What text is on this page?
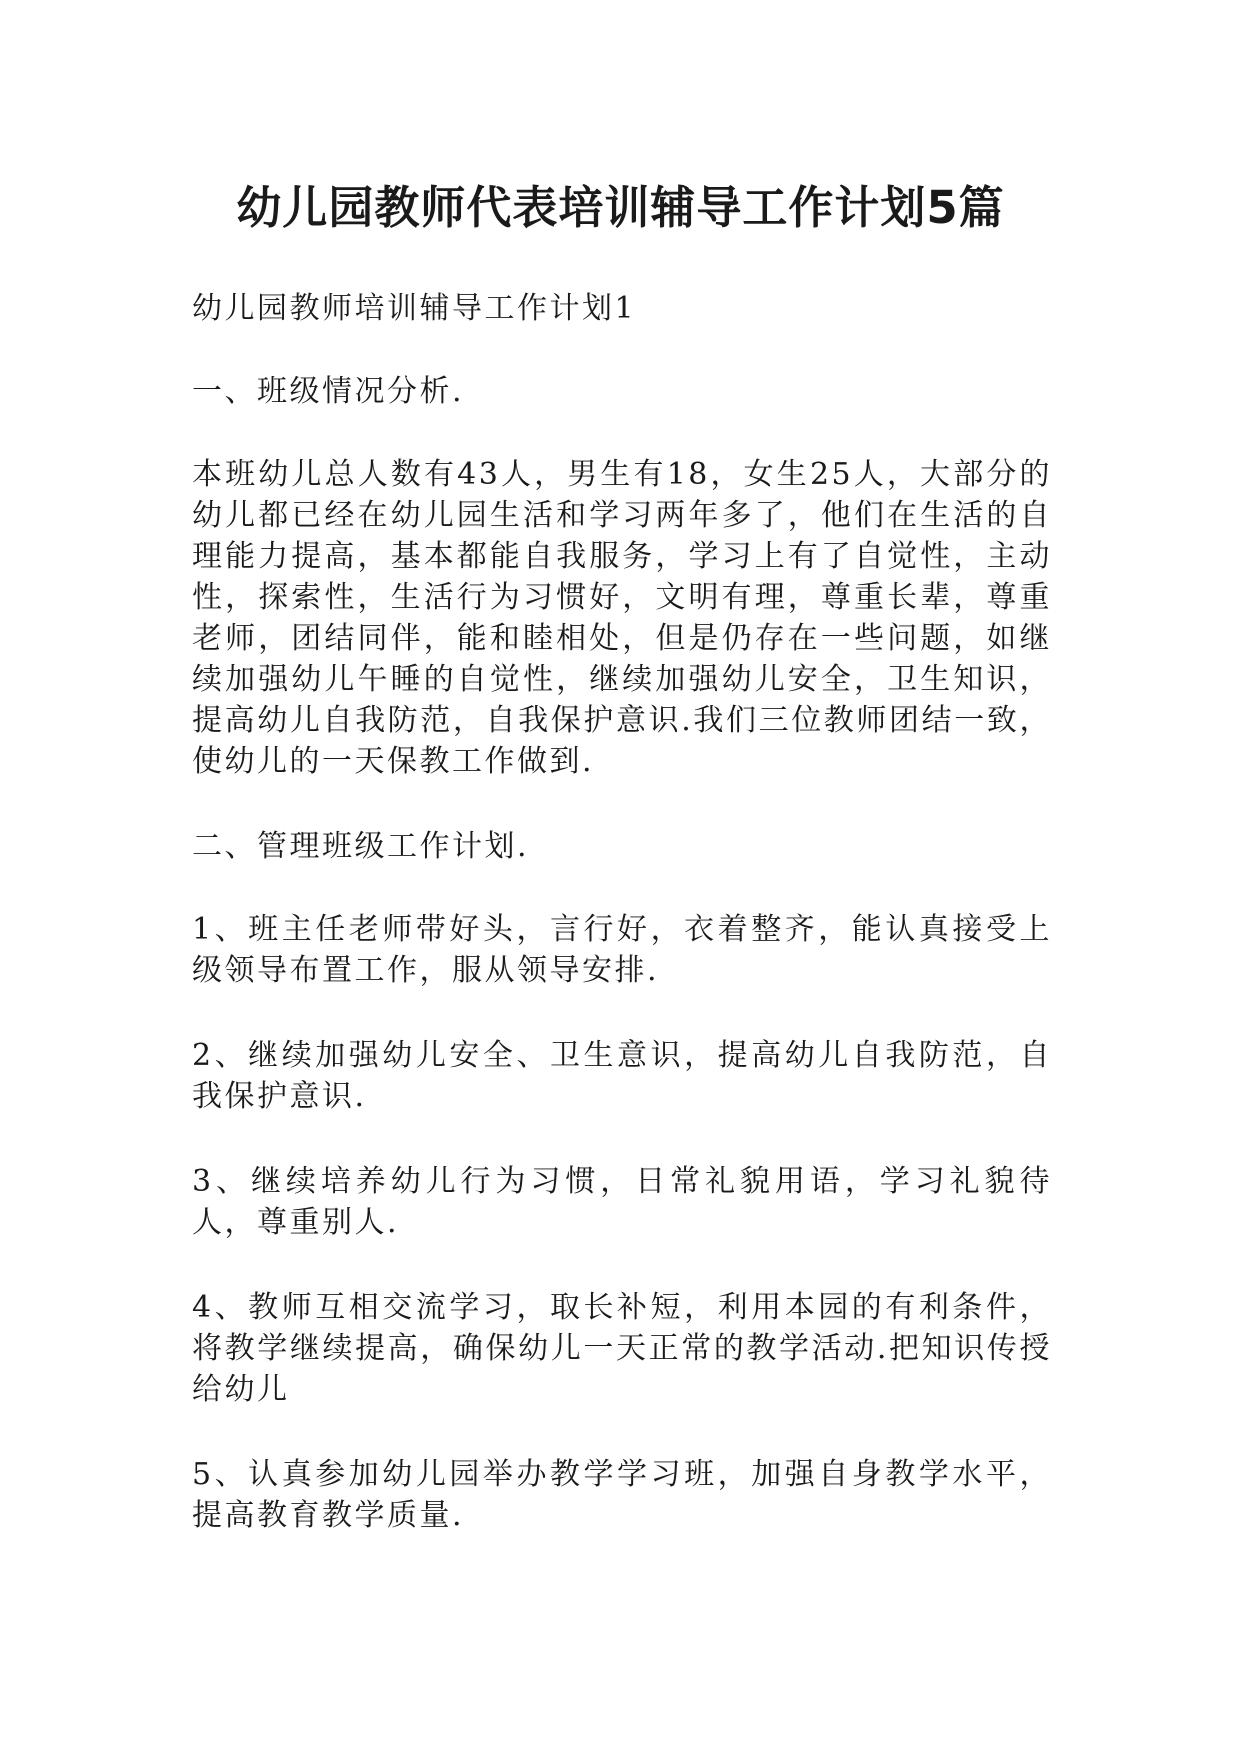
幼儿园教师代表培训辅导工作计划5篇

幼儿园教师培训辅导工作计划1

一、班级情况分析.

本班幼儿总人数有43人，男生有18，女生25人，大部分的幼儿都已经在幼儿园生活和学习两年多了，他们在生活的自理能力提高，基本都能自我服务，学习上有了自觉性，主动性，探索性，生活行为习惯好，文明有理，尊重长辈，尊重老师，团结同伴，能和睦相处，但是仍存在一些问题，如继续加强幼儿午睡的自觉性，继续加强幼儿安全，卫生知识，提高幼儿自我防范，自我保护意识.我们三位教师团结一致，使幼儿的一天保教工作做到.

二、管理班级工作计划.

1、班主任老师带好头，言行好，衣着整齐，能认真接受上级领导布置工作，服从领导安排.

2、继续加强幼儿安全、卫生意识，提高幼儿自我防范，自我保护意识.

3、继续培养幼儿行为习惯，日常礼貌用语，学习礼貌待人，尊重别人.

4、教师互相交流学习，取长补短，利用本园的有利条件，将教学继续提高，确保幼儿一天正常的教学活动.把知识传授给幼儿

5、认真参加幼儿园举办教学学习班，加强自身教学水平，提高教育教学质量.
